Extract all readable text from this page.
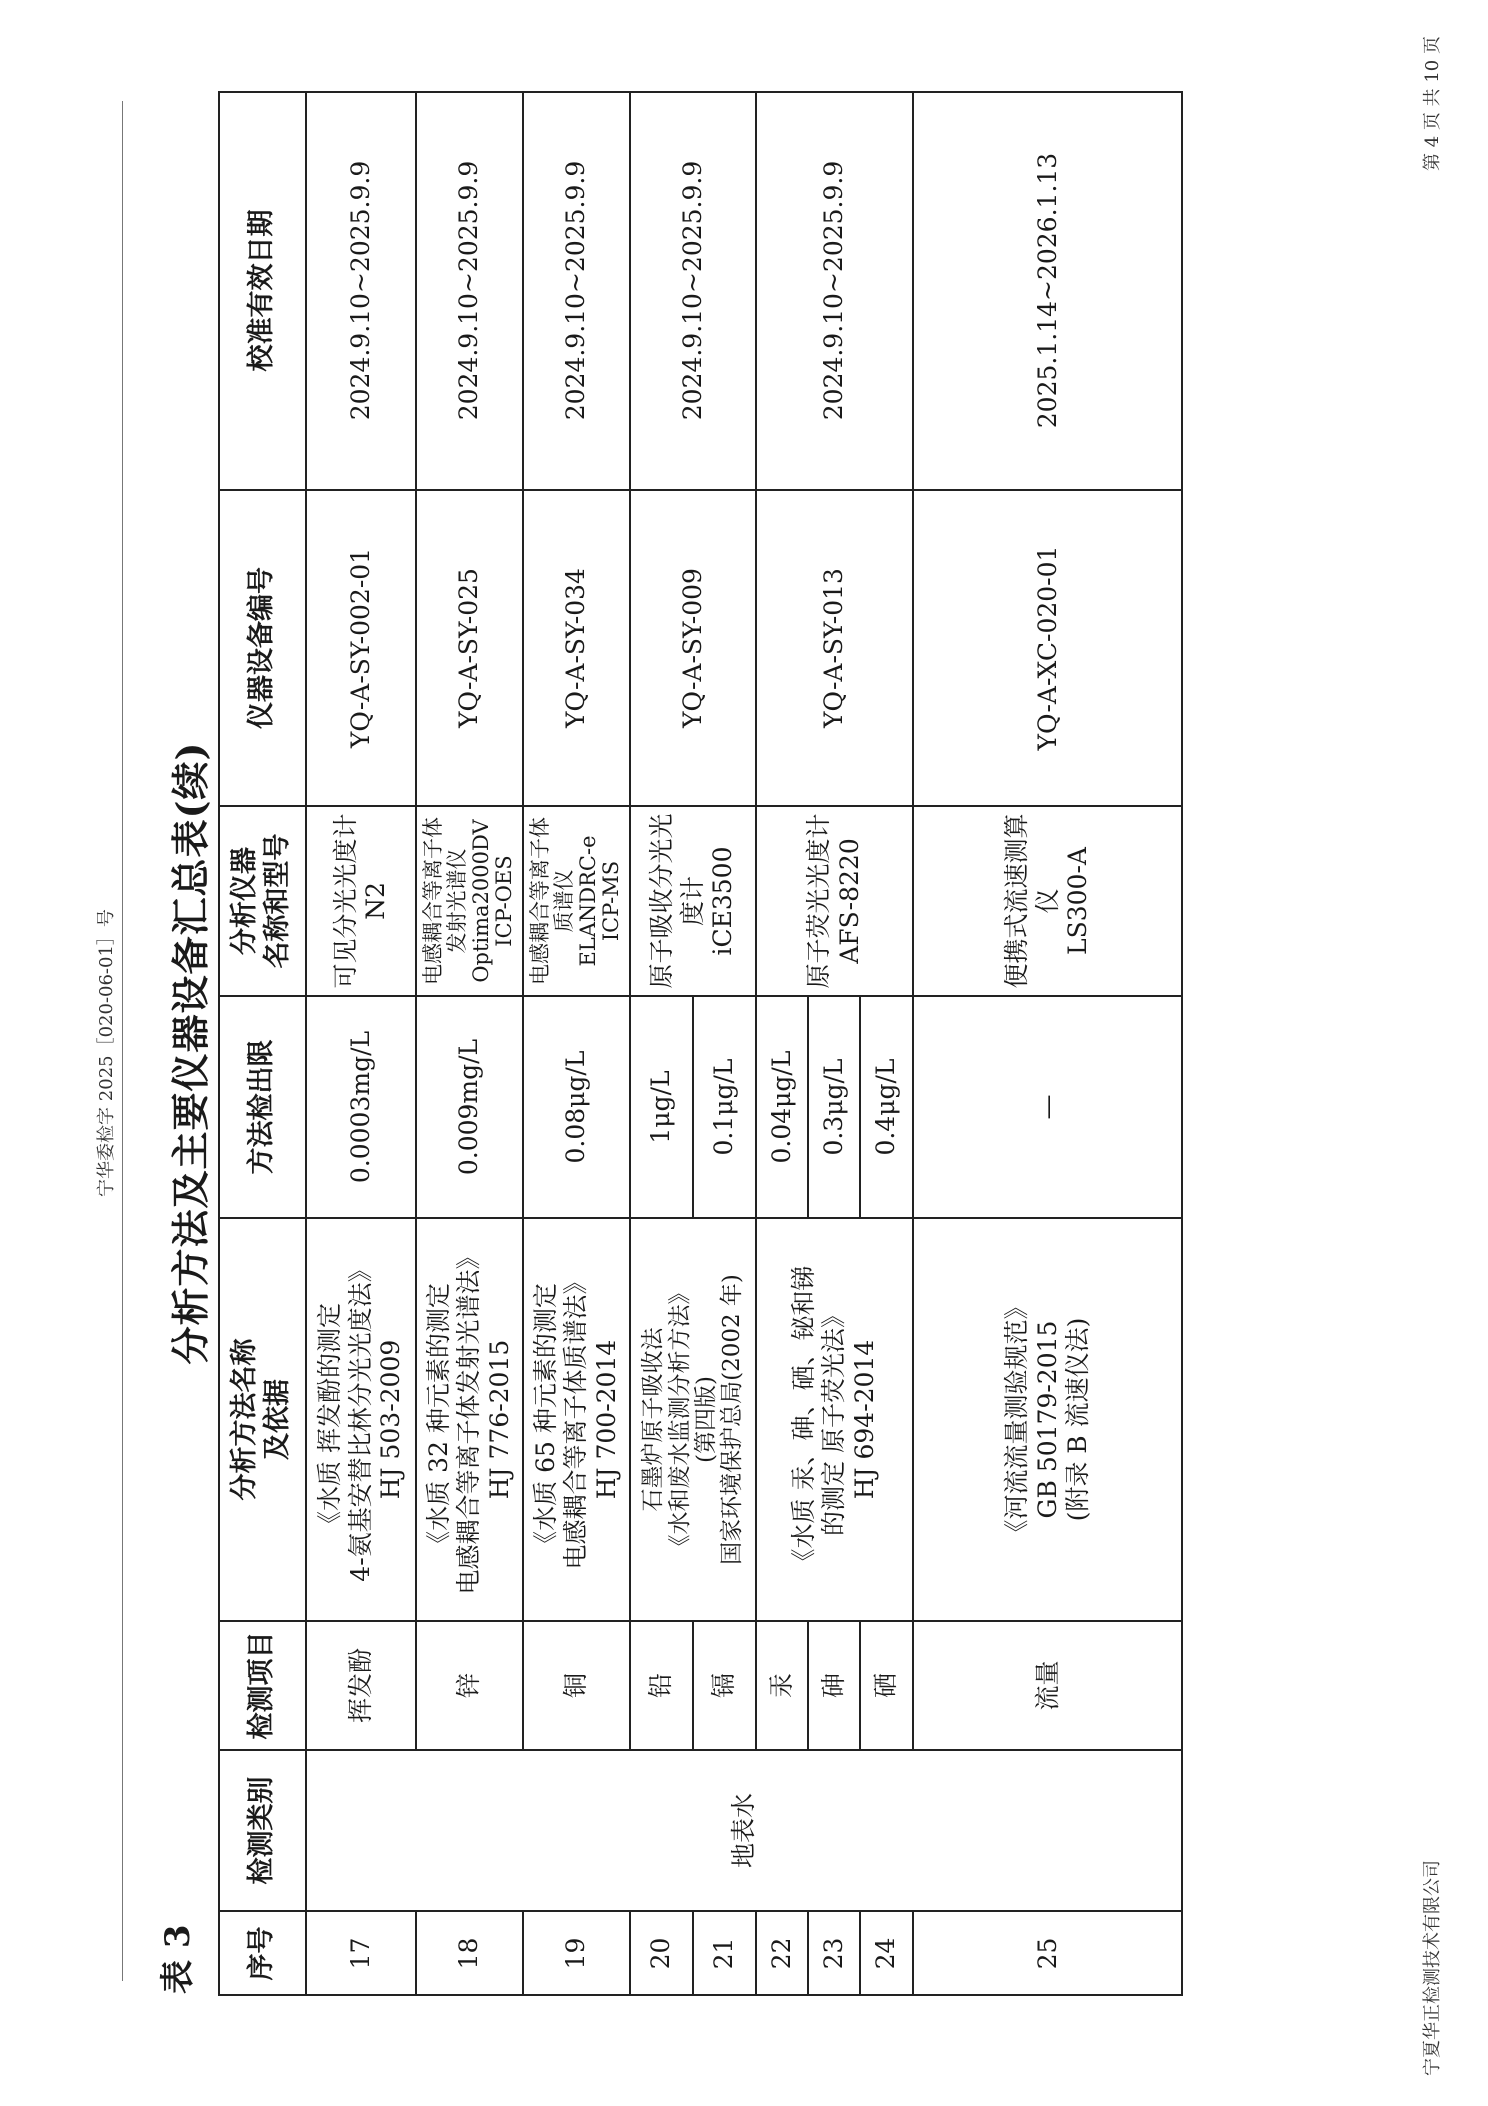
宁华委检字 2025［020-06-01］号
表 3
分析方法及主要仪器设备汇总表(续)
序号
检测类别
检测项目
分析方法名称
及依据
方法检出限
分析仪器
名称和型号
仪器设备编号
校准有效日期
地表水
17
挥发酚
《水质 挥发酚的测定
4-氨基安替比林分光光度法》
HJ 503-2009
0.0003mg/L
可见分光光度计
N2
YQ-A-SY-002-01
2024.9.10~2025.9.9
18
锌
《水质 32 种元素的测定
电感耦合等离子体发射光谱法》
HJ 776-2015
0.009mg/L
电感耦合等离子体
发射光谱仪
Optima2000DV
ICP-OES
YQ-A-SY-025
2024.9.10~2025.9.9
19
铜
《水质 65 种元素的测定
电感耦合等离子体质谱法》
HJ 700-2014
0.08μg/L
电感耦合等离子体
质谱仪
ELANDRC-e
ICP-MS
YQ-A-SY-034
2024.9.10~2025.9.9
20
铅
1μg/L
21
镉
0.1μg/L
石墨炉原子吸收法
《水和废水监测分析方法》
(第四版)
国家环境保护总局(2002 年)
原子吸收分光光度计
iCE3500
YQ-A-SY-009
2024.9.10~2025.9.9
22
汞
0.04μg/L
23
砷
0.3μg/L
24
硒
0.4μg/L
《水质 汞、砷、硒、铋和锑
的测定 原子荧光法》
HJ 694-2014
原子荧光光度计
AFS-8220
YQ-A-SY-013
2024.9.10~2025.9.9
25
流量
《河流流量测验规范》
GB 50179-2015
(附录 B 流速仪法)
—
便携式流速测算仪
LS300-A
YQ-A-XC-020-01
2025.1.14~2026.1.13
宁夏华正检测技术有限公司
第 4 页 共 10 页
